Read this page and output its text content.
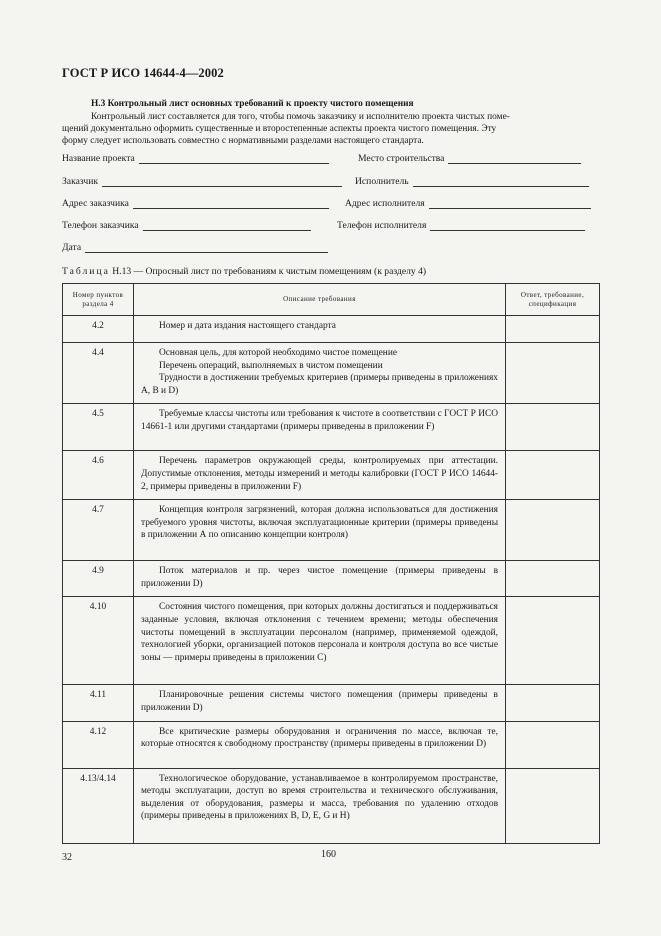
ГОСТ Р ИСО 14644-4—2002
Н.3 Контрольный лист основных требований к проекту чистого помещения
Контрольный лист составляется для того, чтобы помочь заказчику и исполнителю проекта чистых поме-
щений документально оформить существенные и второстепенные аспекты проекта чистого помещения. Эту
форму следует использовать совместно с нормативными разделами настоящего стандарта.
Название проекта	Место строительства
Заказчик	Исполнитель
Адрес заказчика	Адрес исполнителя
Телефон заказчика	Телефон исполнителя
Дата
Таблица Н.13 — Опросный лист по требованиям к чистым помещениям (к разделу 4)
Номер пунктов раздела 4	Описание требования	Ответ, требование, спецификация
4.2	Номер и дата издания настоящего стандарта	

4.4	Основная цель, для которой необходимо чистое помещение
Перечень операций, выполняемых в чистом помещении
Трудности в достижении требуемых критериев (примеры приведены в приложениях А, В и D)	

4.5	Требуемые классы чистоты или требования к чистоте в соответствии с ГОСТ Р ИСО 14661-1 или другими стандартами (примеры приведены в приложении F)	

4.6	Перечень параметров окружающей среды, контролируемых при аттестации. Допустимые отклонения, методы измерений и методы калибровки (ГОСТ Р ИСО 14644-2, примеры приведены в приложении F)	

4.7	Концепция контроля загрязнений, которая должна использоваться для достижения требуемого уровня чистоты, включая эксплуатационные критерии (примеры приведены в приложении А по описанию концепции контроля)	

4.9	Поток материалов и пр. через чистое помещение (примеры приведены в приложении D)	

4.10	Состояния чистого помещения, при которых должны достигаться и поддерживаться заданные условия, включая отклонения с течением времени; методы обеспечения чистоты помещений в эксплуатации персоналом (например, применяемой одеждой, технологией уборки, организацией потоков персонала и контроля доступа во все чистые зоны — примеры приведены в приложении С)	

4.11	Планировочные решения системы чистого помещения (примеры приведены в приложении D)	

4.12	Все критические размеры оборудования и ограничения по массе, включая те, которые относятся к свободному пространству (примеры приведены в приложении D)	

4.13/4.14	Технологическое оборудование, устанавливаемое в контролируемом пространстве, методы эксплуатации, доступ во время строительства и технического обслуживания, выделения от оборудования, размеры и масса, требования по удалению отходов (примеры приведены в приложениях В, D, E, G и H)	

32	160
